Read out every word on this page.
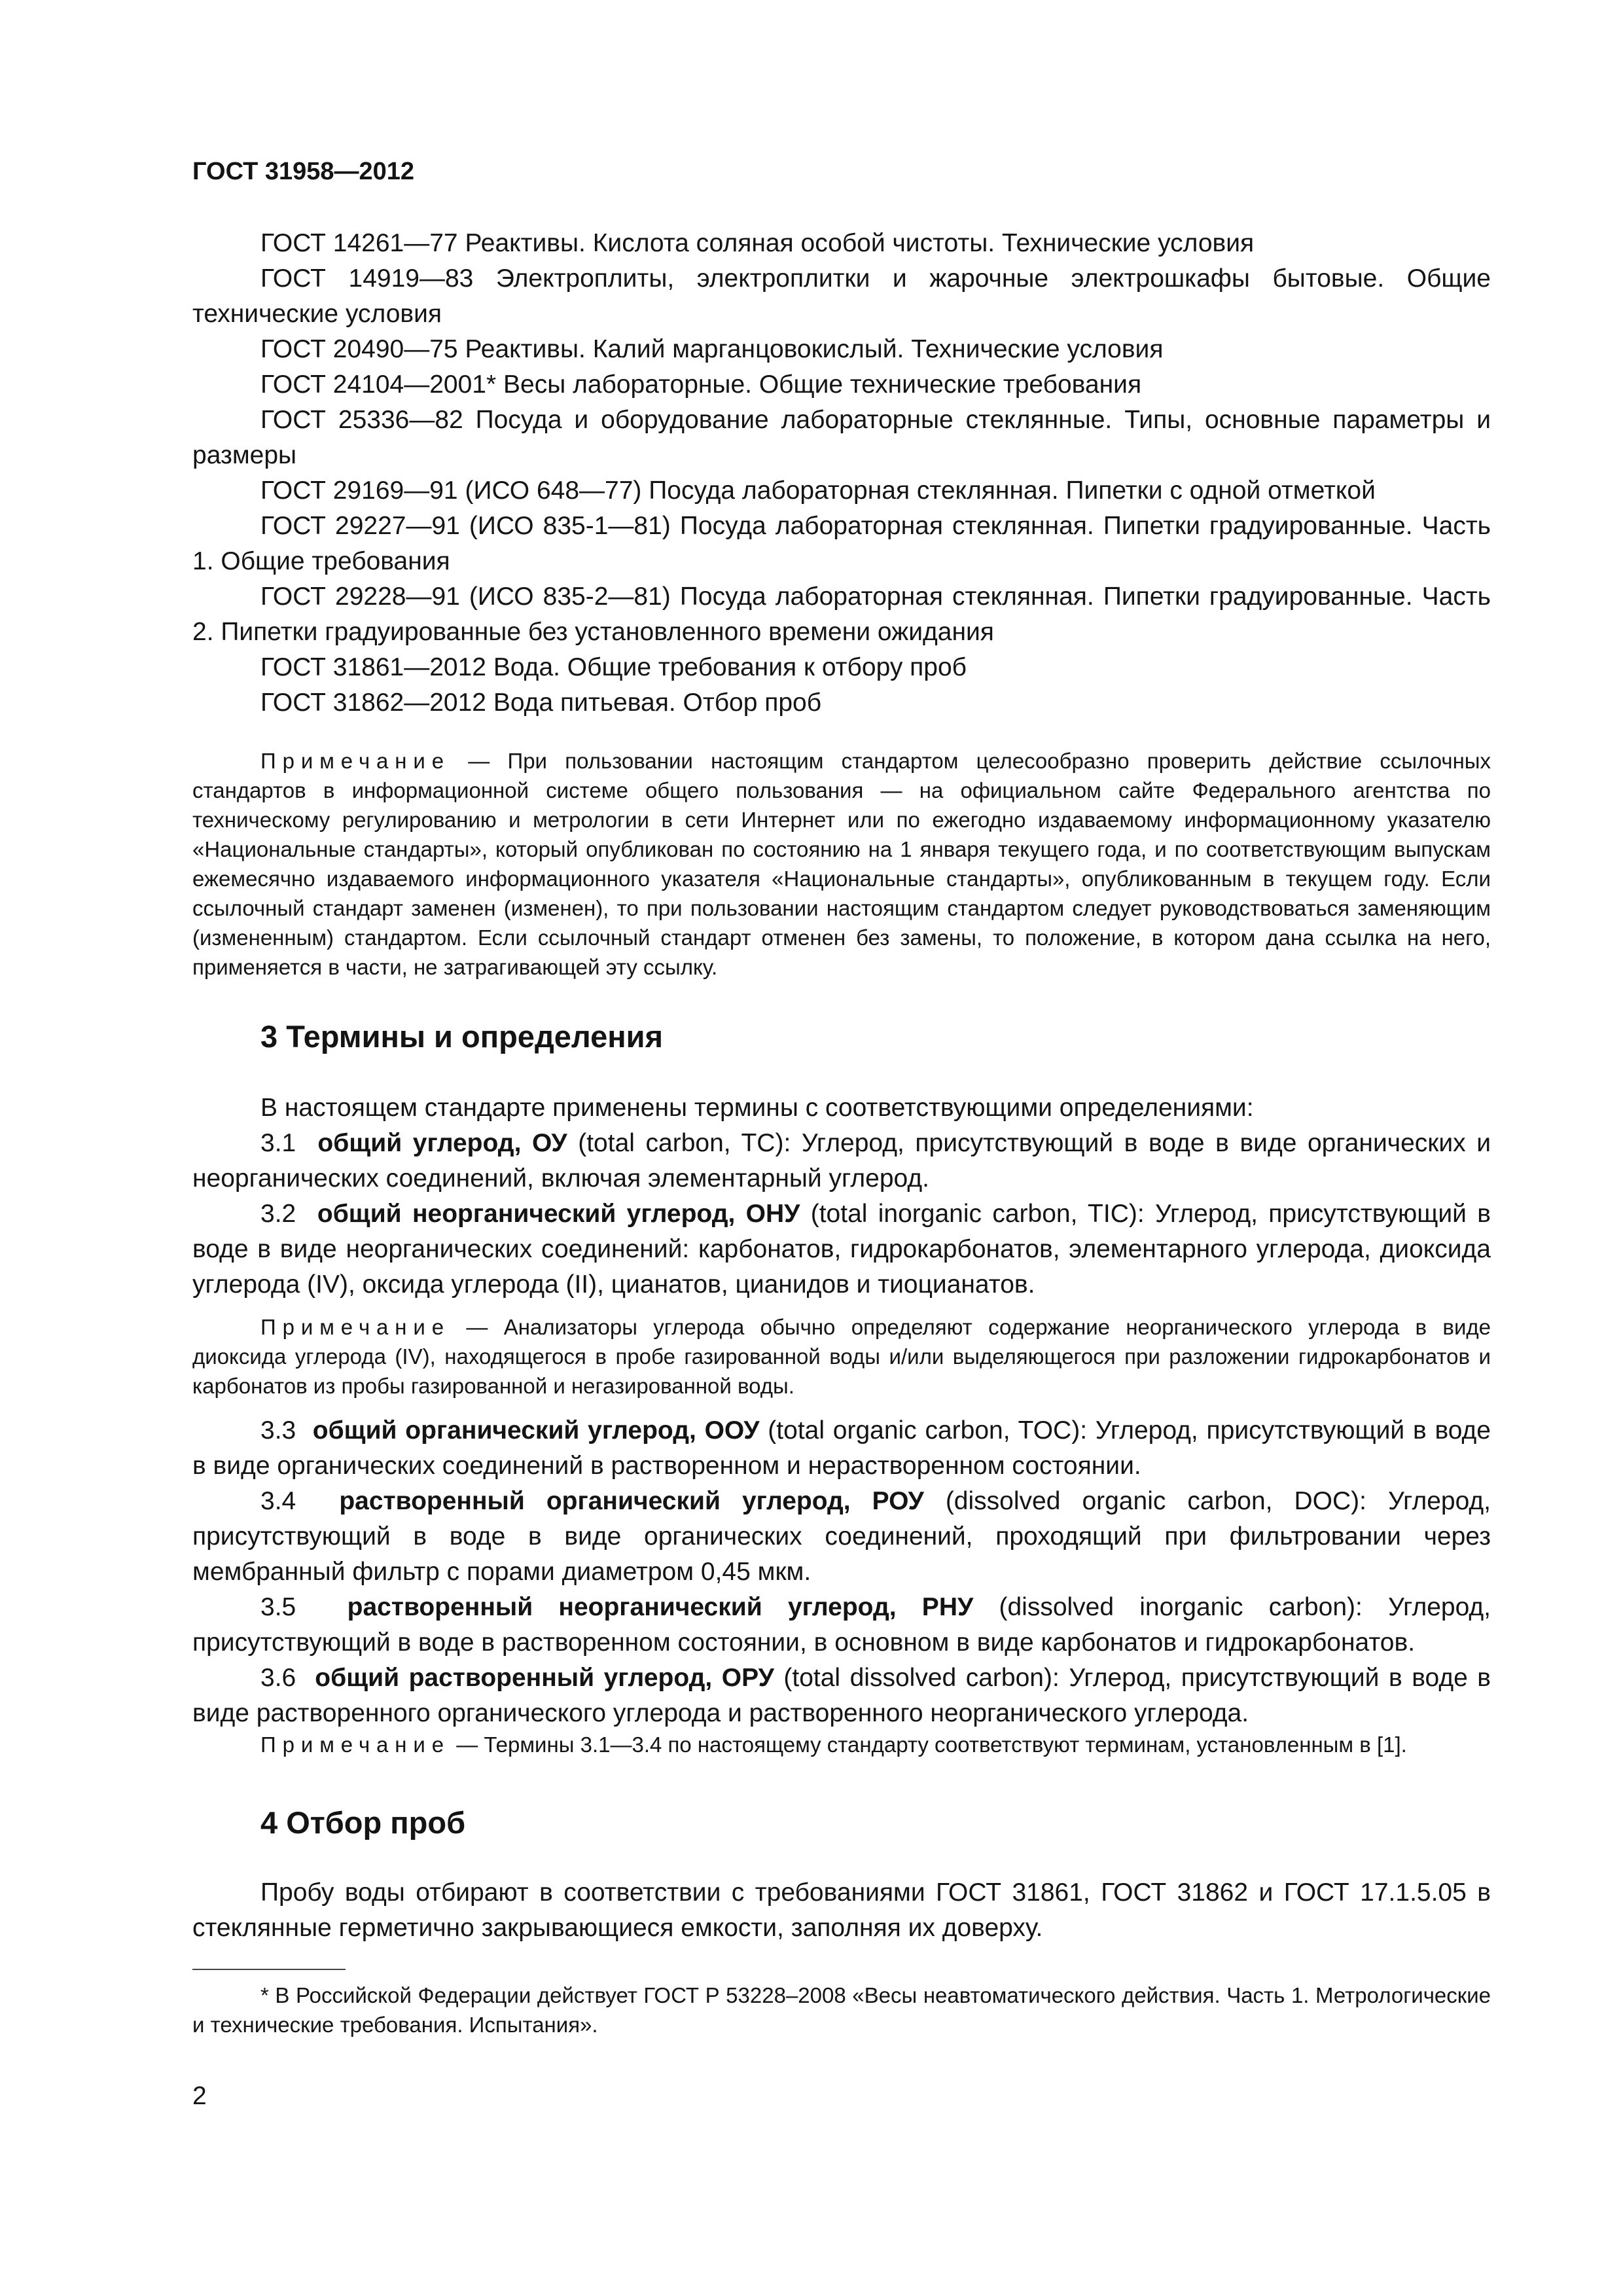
ГОСТ 31958—2012

ГОСТ 14261—77 Реактивы. Кислота соляная особой чистоты. Технические условия

ГОСТ 14919—83 Электроплиты, электроплитки и жарочные электрошкафы бытовые. Общие технические условия

ГОСТ 20490—75 Реактивы. Калий марганцовокислый. Технические условия

ГОСТ 24104—2001* Весы лабораторные. Общие технические требования

ГОСТ 25336—82 Посуда и оборудование лабораторные стеклянные. Типы, основные параметры и размеры

ГОСТ 29169—91 (ИСО 648—77) Посуда лабораторная стеклянная. Пипетки с одной отметкой

ГОСТ 29227—91 (ИСО 835-1—81) Посуда лабораторная стеклянная. Пипетки градуированные. Часть 1. Общие требования

ГОСТ 29228—91 (ИСО 835-2—81) Посуда лабораторная стеклянная. Пипетки градуированные. Часть 2. Пипетки градуированные без установленного времени ожидания

ГОСТ 31861—2012 Вода. Общие требования к отбору проб

ГОСТ 31862—2012 Вода питьевая. Отбор проб

Примечание — При пользовании настоящим стандартом целесообразно проверить действие ссылочных стандартов в информационной системе общего пользования — на официальном сайте Федерального агентства по техническому регулированию и метрологии в сети Интернет или по ежегодно издаваемому информационному указателю «Национальные стандарты», который опубликован по состоянию на 1 января текущего года, и по соответствующим выпускам ежемесячно издаваемого информационного указателя «Национальные стандарты», опубликованным в текущем году. Если ссылочный стандарт заменен (изменен), то при пользовании настоящим стандартом следует руководствоваться заменяющим (измененным) стандартом. Если ссылочный стандарт отменен без замены, то положение, в котором дана ссылка на него, применяется в части, не затрагивающей эту ссылку.

3 Термины и определения

В настоящем стандарте применены термины с соответствующими определениями:

3.1 общий углерод, ОУ (total carbon, TC): Углерод, присутствующий в воде в виде органических и неорганических соединений, включая элементарный углерод.

3.2 общий неорганический углерод, ОНУ (total inorganic carbon, TIC): Углерод, присутствующий в воде в виде неорганических соединений: карбонатов, гидрокарбонатов, элементарного углерода, диоксида углерода (IV), оксида углерода (II), цианатов, цианидов и тиоцианатов.

Примечание — Анализаторы углерода обычно определяют содержание неорганического углерода в виде диоксида углерода (IV), находящегося в пробе газированной воды и/или выделяющегося при разложении гидрокарбонатов и карбонатов из пробы газированной и негазированной воды.

3.3 общий органический углерод, ООУ (total organic carbon, TOC): Углерод, присутствующий в воде в виде органических соединений в растворенном и нерастворенном состоянии.

3.4 растворенный органический углерод, РОУ (dissolved organic carbon, DOC): Углерод, присутствующий в воде в виде органических соединений, проходящий при фильтровании через мембранный фильтр с порами диаметром 0,45 мкм.

3.5 растворенный неорганический углерод, РНУ (dissolved inorganic carbon): Углерод, присутствующий в воде в растворенном состоянии, в основном в виде карбонатов и гидрокарбонатов.

3.6 общий растворенный углерод, ОРУ (total dissolved carbon): Углерод, присутствующий в воде в виде растворенного органического углерода и растворенного неорганического углерода.

Примечание — Термины 3.1—3.4 по настоящему стандарту соответствуют терминам, установленным в [1].

4 Отбор проб

Пробу воды отбирают в соответствии с требованиями ГОСТ 31861, ГОСТ 31862 и ГОСТ 17.1.5.05 в стеклянные герметично закрывающиеся емкости, заполняя их доверху.

* В Российской Федерации действует ГОСТ Р 53228–2008 «Весы неавтоматического действия. Часть 1. Метрологические и технические требования. Испытания».

2
